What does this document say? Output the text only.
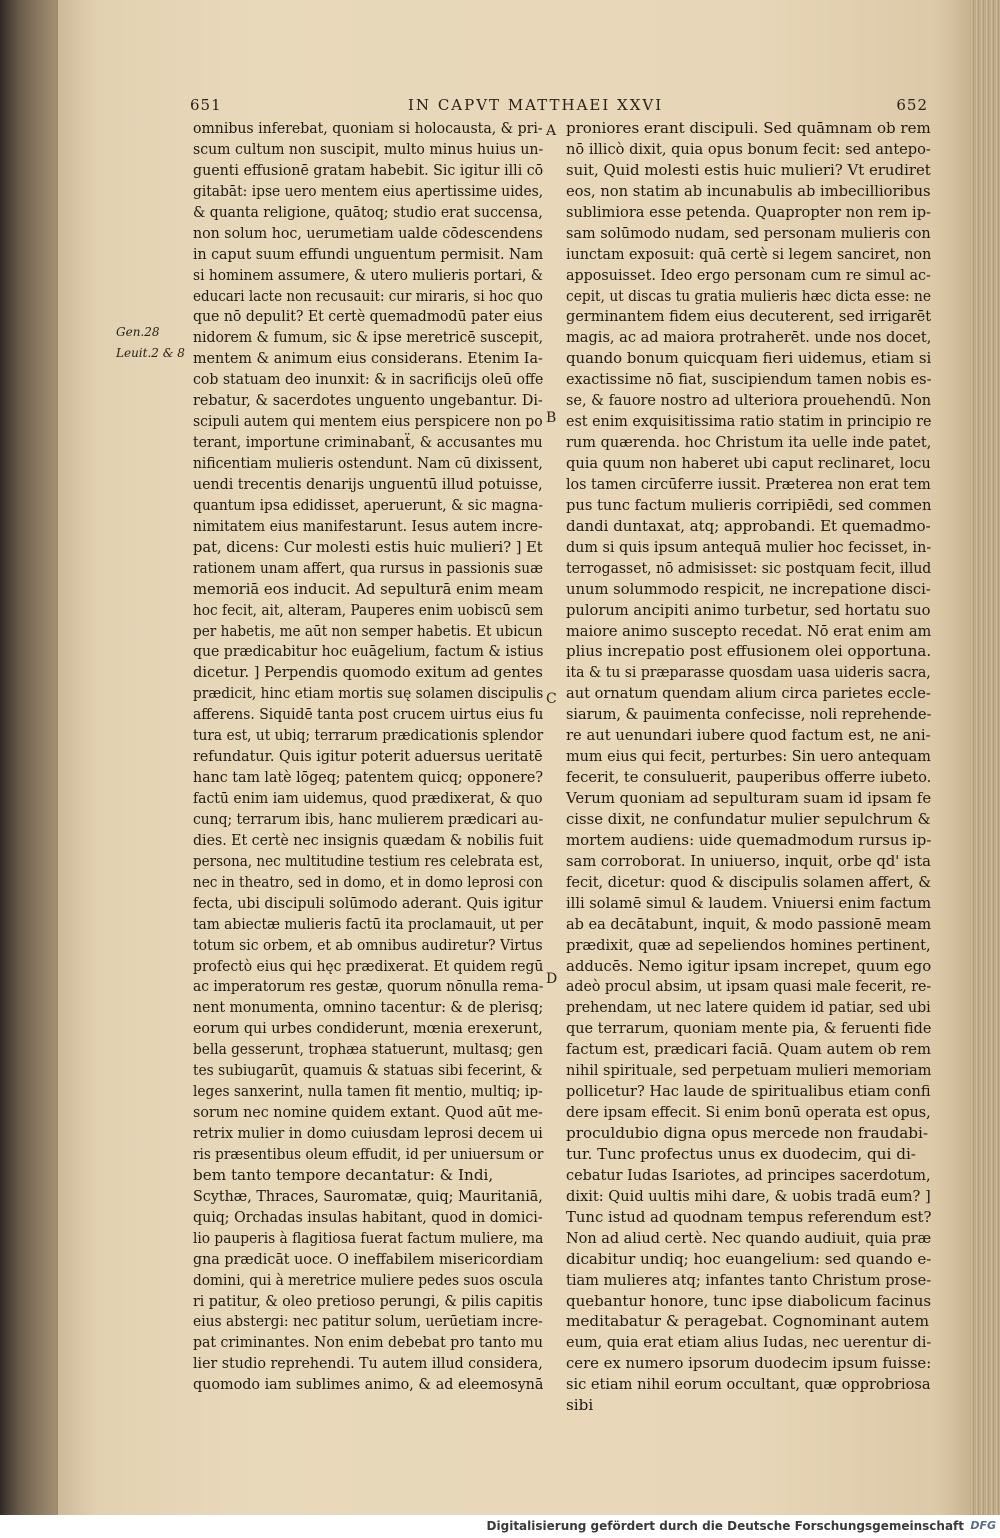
651	IN CAPVT MATTHAEI XXVI	652
Gen.28
Leuit.2 & 8
A
B
C
D
omnibus inferebat, quoniam si holocausta, & pri-
scum cultum non suscipit, multo minus huius un-
guenti effusionē gratam habebit. Sic igitur illi cō
gitabāt: ipse uero mentem eius apertissime uides,
& quanta religione, quātoq; studio erat succensa,
non solum hoc, uerumetiam ualde cōdescendens
in caput suum effundi unguentum permisit. Nam
si hominem assumere, & utero mulieris portari, &
educari lacte non recusauit: cur miraris, si hoc quo
que nō depulit? Et certè quemadmodū pater eius
nidorem & fumum, sic & ipse meretricē suscepit,
mentem & animum eius considerans. Etenim Ia-
cob statuam deo inunxit: & in sacrificijs oleū offe
rebatur, & sacerdotes unguento ungebantur. Di-
scipuli autem qui mentem eius perspicere non po
terant, importune criminabanẗ, & accusantes mu
nificentiam mulieris ostendunt. Nam cū dixissent,
uendi trecentis denarijs unguentū illud potuisse,
quantum ipsa edidisset, aperuerunt, & sic magna-
nimitatem eius manifestarunt. Iesus autem incre-
pat, dicens: Cur molesti estis huic mulieri? ] Et
rationem unam affert, qua rursus in passionis suæ
memoriā eos inducit. Ad sepulturā enim meam
hoc fecit, ait, alteram, Pauperes enim uobiscū sem
per habetis, me aūt non semper habetis. Et ubicun
que prædicabitur hoc euāgelium, factum & istius
dicetur. ] Perpendis quomodo exitum ad gentes
prædicit, hinc etiam mortis suę solamen discipulis
afferens. Siquidē tanta post crucem uirtus eius fu
tura est, ut ubiq; terrarum prædicationis splendor
refundatur. Quis igitur poterit aduersus ueritatē
hanc tam latè lōgeq; patentem quicq; opponere?
factū enim iam uidemus, quod prædixerat, & quo
cunq; terrarum ibis, hanc mulierem prædicari au-
dies. Et certè nec insignis quædam & nobilis fuit
persona, nec multitudine testium res celebrata est,
nec in theatro, sed in domo, et in domo leprosi con
fecta, ubi discipuli solūmodo aderant. Quis igitur
tam abiectæ mulieris factū ita proclamauit, ut per
totum sic orbem, et ab omnibus audiretur? Virtus
profectò eius qui hęc prædixerat. Et quidem regū
ac imperatorum res gestæ, quorum nōnulla rema-
nent monumenta, omnino tacentur: & de plerisq;
eorum qui urbes condiderunt, mœnia erexerunt,
bella gesserunt, trophæa statuerunt, multasq; gen
tes subiugarūt, quamuis & statuas sibi fecerint, &
leges sanxerint, nulla tamen fit mentio, multiq; ip-
sorum nec nomine quidem extant. Quod aūt me-
retrix mulier in domo cuiusdam leprosi decem ui
ris præsentibus oleum effudit, id per uniuersum or
bem tanto tempore decantatur: & Indi,
Scythæ, Thraces, Sauromatæ, quiq; Mauritaniā,
quiq; Orchadas insulas habitant, quod in domici-
lio pauperis à flagitiosa fuerat factum muliere, ma
gna prædicāt uoce. O ineffabilem misericordiam
domini, qui à meretrice muliere pedes suos oscula
ri patitur, & oleo pretioso perungi, & pilis capitis
eius abstergi: nec patitur solum, uerūetiam incre-
pat criminantes. Non enim debebat pro tanto mu
lier studio reprehendi. Tu autem illud considera,
quomodo iam sublimes animo, & ad eleemosynā
proniores erant discipuli. Sed quāmnam ob rem
nō illicò dixit, quia opus bonum fecit: sed antepo-
suit, Quid molesti estis huic mulieri? Vt erudiret
eos, non statim ab incunabulis ab imbecillioribus
sublimiora esse petenda. Quapropter non rem ip-
sam solūmodo nudam, sed personam mulieris con
iunctam exposuit: quā certè si legem sanciret, non
apposuisset. Ideo ergo personam cum re simul ac-
cepit, ut discas tu gratia mulieris hæc dicta esse: ne
germinantem fidem eius decuterent, sed irrigarēt
magis, ac ad maiora protraherēt. unde nos docet,
quando bonum quicquam fieri uidemus, etiam si
exactissime nō fiat, suscipiendum tamen nobis es-
se, & fauore nostro ad ulteriora prouehendū. Non
est enim exquisitissima ratio statim in principio re
rum quærenda. hoc Christum ita uelle inde patet,
quia quum non haberet ubi caput reclinaret, locu
los tamen circūferre iussit. Præterea non erat tem
pus tunc factum mulieris corripiēdi, sed commen
dandi duntaxat, atq; approbandi. Et quemadmo-
dum si quis ipsum antequā mulier hoc fecisset, in-
terrogasset, nō admisisset: sic postquam fecit, illud
unum solummodo respicit, ne increpatione disci-
pulorum ancipiti animo turbetur, sed hortatu suo
maiore animo suscepto recedat. Nō erat enim am
plius increpatio post effusionem olei opportuna.
ita & tu si præparasse quosdam uasa uideris sacra,
aut ornatum quendam alium circa parietes eccle-
siarum, & pauimenta confecisse, noli reprehende-
re aut uenundari iubere quod factum est, ne ani-
mum eius qui fecit, perturbes: Sin uero antequam
fecerit, te consuluerit, pauperibus offerre iubeto.
Verum quoniam ad sepulturam suam id ipsam fe
cisse dixit, ne confundatur mulier sepulchrum &
mortem audiens: uide quemadmodum rursus ip-
sam corroborat. In uniuerso, inquit, orbe qd' ista
fecit, dicetur: quod & discipulis solamen affert, &
illi solamē simul & laudem. Vniuersi enim factum
ab ea decātabunt, inquit, & modo passionē meam
prædixit, quæ ad sepeliendos homines pertinent,
adducēs. Nemo igitur ipsam increpet, quum ego
adeò procul absim, ut ipsam quasi male fecerit, re-
prehendam, ut nec latere quidem id patiar, sed ubi
que terrarum, quoniam mente pia, & feruenti fide
factum est, prædicari faciā. Quam autem ob rem
nihil spirituale, sed perpetuam mulieri memoriam
pollicetur? Hac laude de spiritualibus etiam confi
dere ipsam effecit. Si enim bonū operata est opus,
proculdubio digna opus mercede non fraudabi-
tur. Tunc profectus unus ex duodecim, qui di-
cebatur Iudas Isariotes, ad principes sacerdotum,
dixit: Quid uultis mihi dare, & uobis tradā eum? ]
Tunc istud ad quodnam tempus referendum est?
Non ad aliud certè. Nec quando audiuit, quia præ
dicabitur undiq; hoc euangelium: sed quando e-
tiam mulieres atq; infantes tanto Christum prose-
quebantur honore, tunc ipse diabolicum facinus
meditabatur & peragebat. Cognominant autem
eum, quia erat etiam alius Iudas, nec uerentur di-
cere ex numero ipsorum duodecim ipsum fuisse:
sic etiam nihil eorum occultant, quæ opprobriosa
sibi
Digitalisierung gefördert durch die Deutsche Forschungsgemeinschaft DFG
